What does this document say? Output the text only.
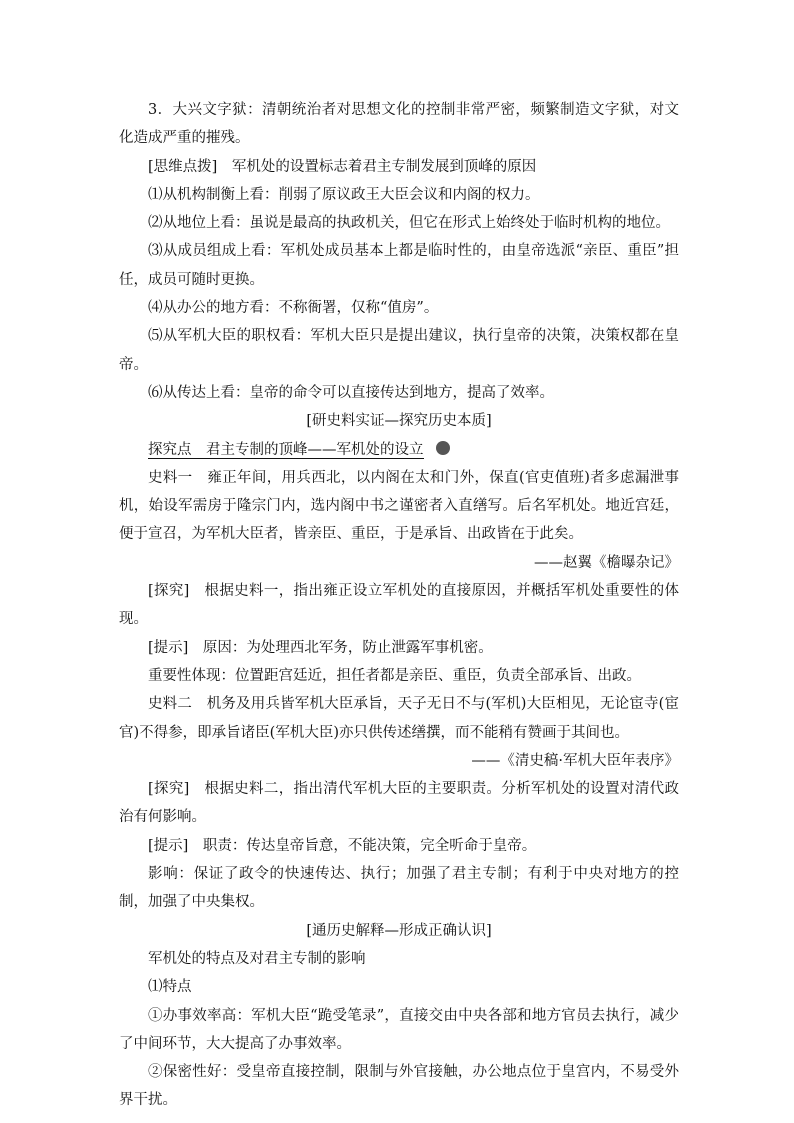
3．大兴文字狱：清朝统治者对思想文化的控制非常严密，频繁制造文字狱，对文化造成严重的摧残。

[思维点拨]　军机处的设置标志着君主专制发展到顶峰的原因

⑴从机构制衡上看：削弱了原议政王大臣会议和内阁的权力。

⑵从地位上看：虽说是最高的执政机关，但它在形式上始终处于临时机构的地位。

⑶从成员组成上看：军机处成员基本上都是临时性的，由皇帝选派“亲臣、重臣”担任，成员可随时更换。

⑷从办公的地方看：不称衙署，仅称“值房”。

⑸从军机大臣的职权看：军机大臣只是提出建议，执行皇帝的决策，决策权都在皇帝。

⑹从传达上看：皇帝的命令可以直接传达到地方，提高了效率。

[研史料实证—探究历史本质]

探究点　君主专制的顶峰——军机处的设立

史料一　雍正年间，用兵西北，以内阁在太和门外，保直(官吏值班)者多虑漏泄事机，始设军需房于隆宗门内，选内阁中书之谨密者入直缮写。后名军机处。地近宫廷，便于宣召，为军机大臣者，皆亲臣、重臣，于是承旨、出政皆在于此矣。

——赵翼《檐曝杂记》

[探究]　根据史料一，指出雍正设立军机处的直接原因，并概括军机处重要性的体现。

[提示]　原因：为处理西北军务，防止泄露军事机密。

重要性体现：位置距宫廷近，担任者都是亲臣、重臣，负责全部承旨、出政。

史料二　机务及用兵皆军机大臣承旨，天子无日不与(军机)大臣相见，无论宦寺(宦官)不得参，即承旨诸臣(军机大臣)亦只供传述缮撰，而不能稍有赞画于其间也。

——《清史稿·军机大臣年表序》

[探究]　根据史料二，指出清代军机大臣的主要职责。分析军机处的设置对清代政治有何影响。

[提示]　职责：传达皇帝旨意，不能决策，完全听命于皇帝。

影响：保证了政令的快速传达、执行；加强了君主专制；有利于中央对地方的控制，加强了中央集权。

[通历史解释—形成正确认识]

军机处的特点及对君主专制的影响

⑴特点

①办事效率高：军机大臣“跪受笔录”，直接交由中央各部和地方官员去执行，减少了中间环节，大大提高了办事效率。

②保密性好：受皇帝直接控制，限制与外官接触，办公地点位于皇宫内，不易受外界干扰。
